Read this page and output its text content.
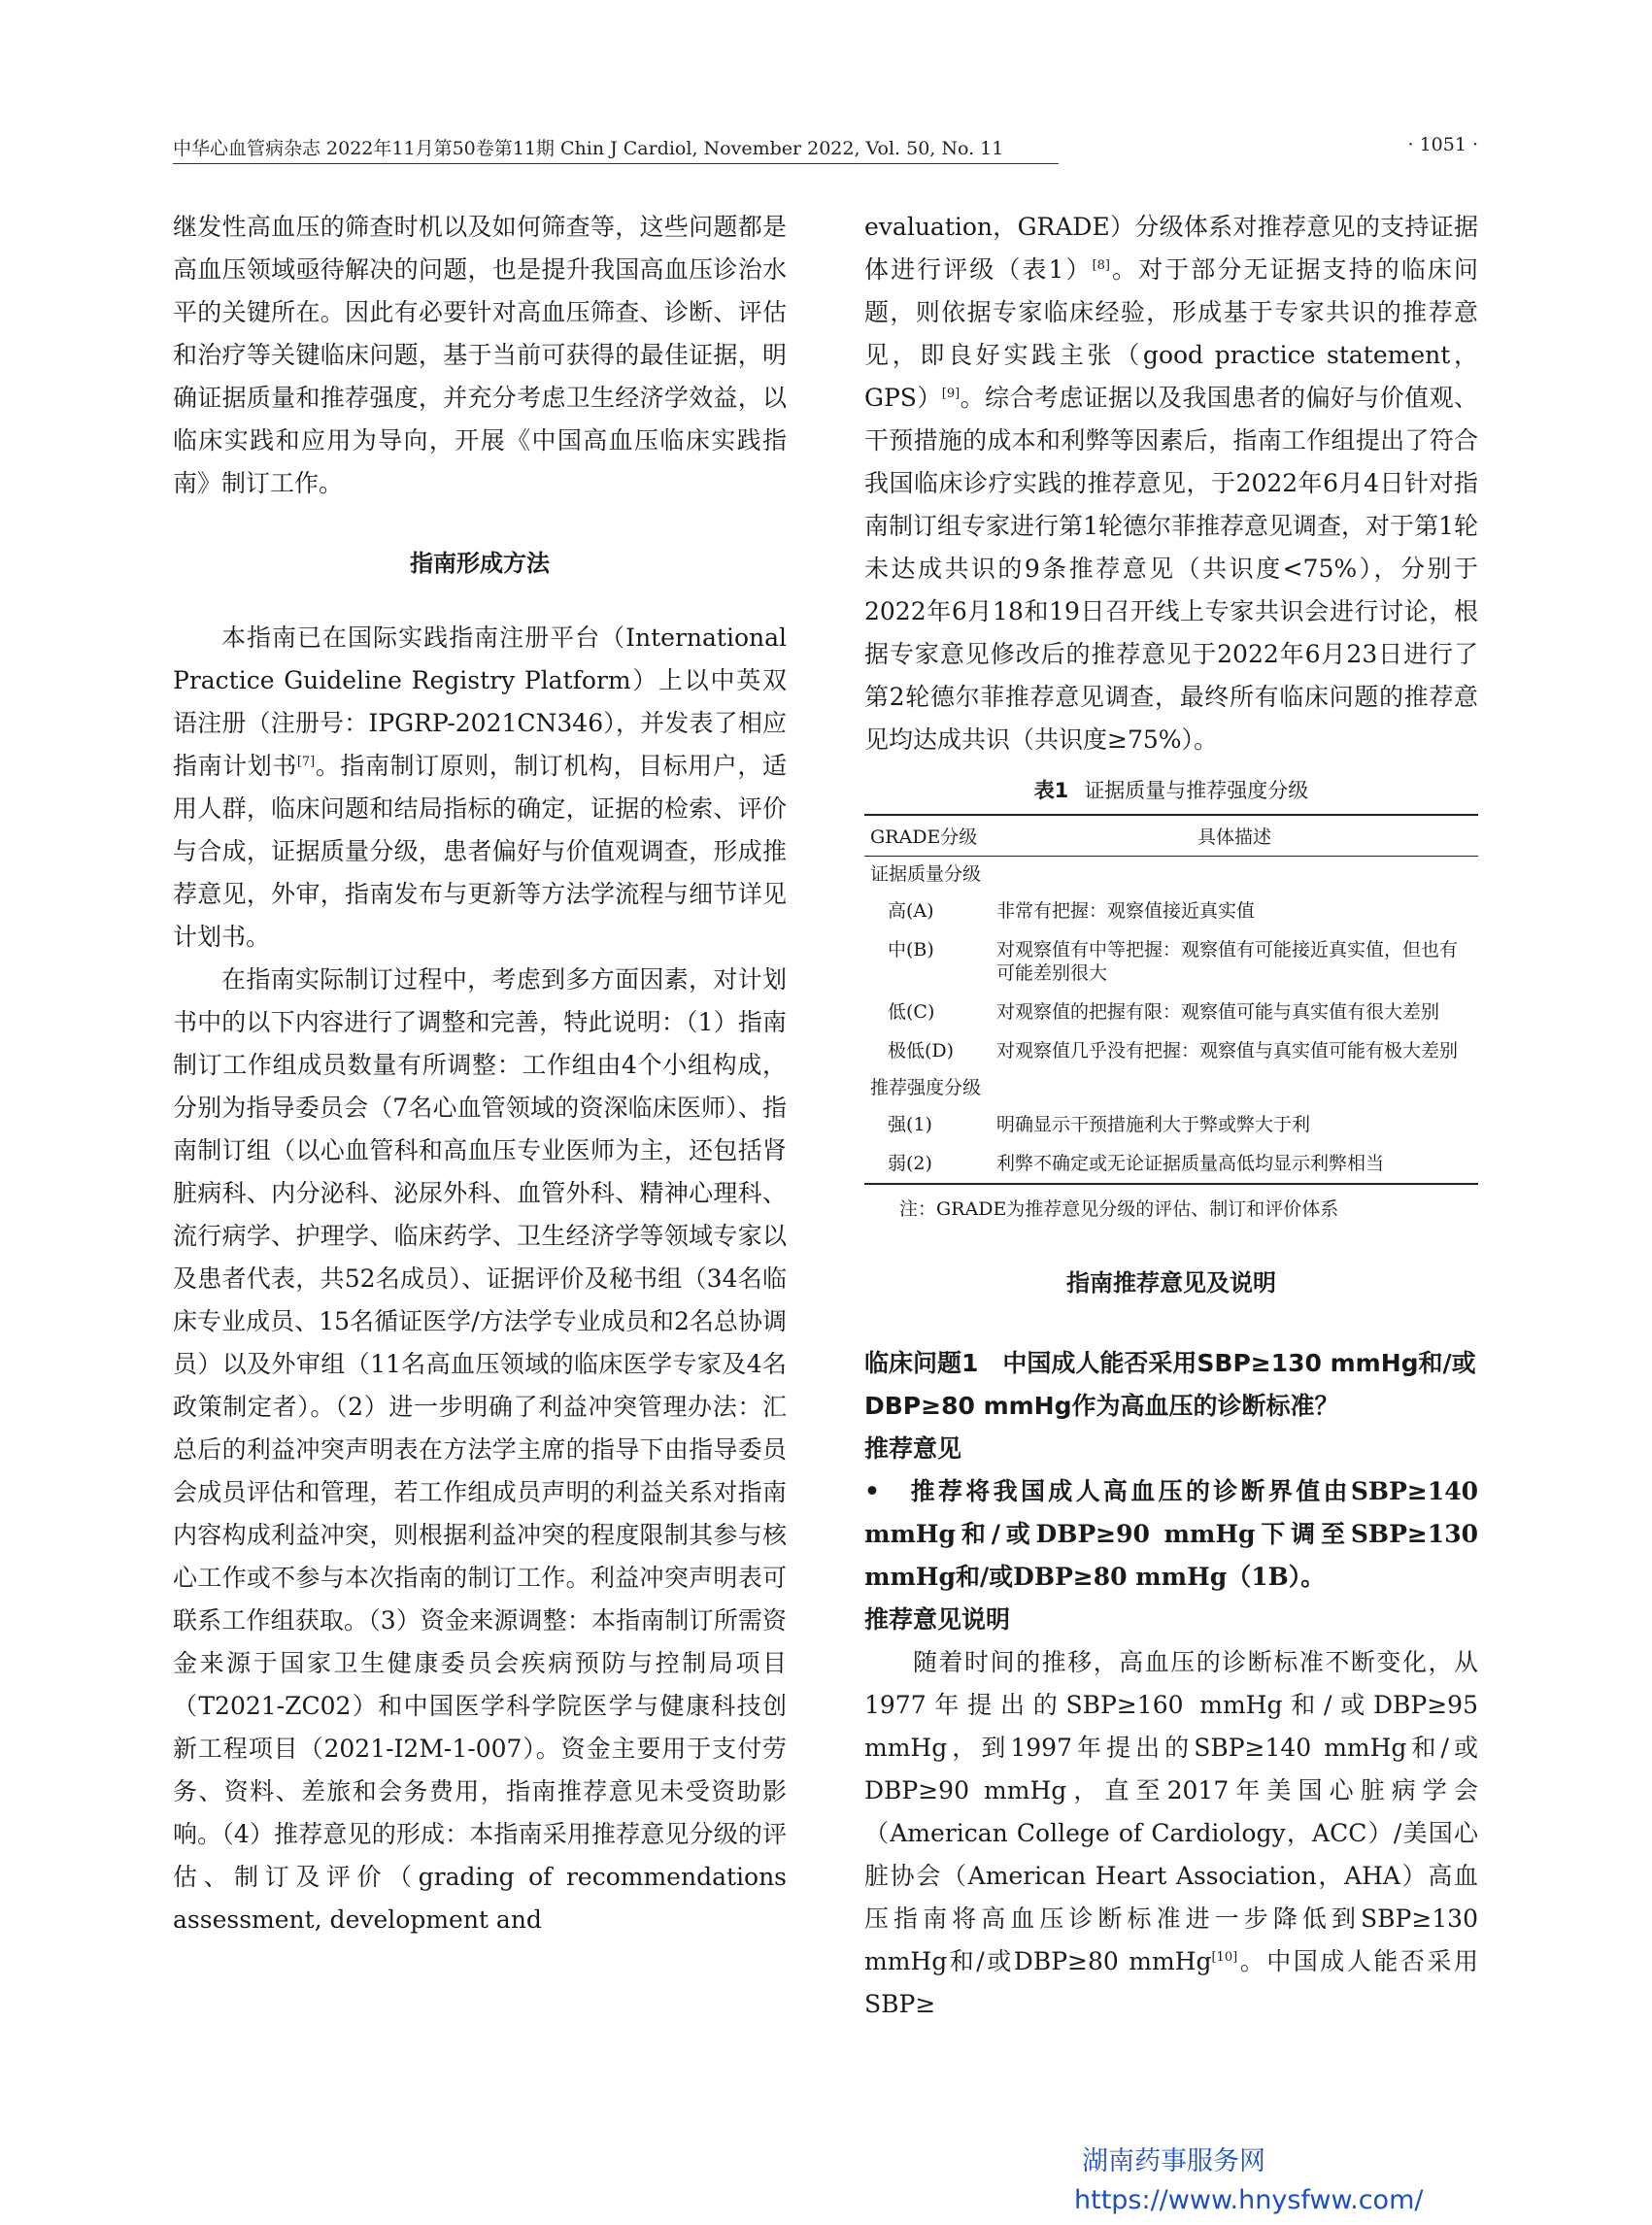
中华心血管病杂志 2022年11月第50卷第11期 Chin J Cardiol, November 2022, Vol. 50, No. 11	· 1051 ·

继发性高血压的筛查时机以及如何筛查等，这些问题都是高血压领域亟待解决的问题，也是提升我国高血压诊治水平的关键所在。因此有必要针对高血压筛查、诊断、评估和治疗等关键临床问题，基于当前可获得的最佳证据，明确证据质量和推荐强度，并充分考虑卫生经济学效益，以临床实践和应用为导向，开展《中国高血压临床实践指南》制订工作。

指南形成方法

本指南已在国际实践指南注册平台（International Practice Guideline Registry Platform）上以中英双语注册（注册号：IPGRP-2021CN346），并发表了相应指南计划书[7]。指南制订原则，制订机构，目标用户，适用人群，临床问题和结局指标的确定，证据的检索、评价与合成，证据质量分级，患者偏好与价值观调查，形成推荐意见，外审，指南发布与更新等方法学流程与细节详见计划书。

在指南实际制订过程中，考虑到多方面因素，对计划书中的以下内容进行了调整和完善，特此说明：（1）指南制订工作组成员数量有所调整：工作组由4个小组构成，分别为指导委员会（7名心血管领域的资深临床医师）、指南制订组（以心血管科和高血压专业医师为主，还包括肾脏病科、内分泌科、泌尿外科、血管外科、精神心理科、流行病学、护理学、临床药学、卫生经济学等领域专家以及患者代表，共52名成员）、证据评价及秘书组（34名临床专业成员、15名循证医学/方法学专业成员和2名总协调员）以及外审组（11名高血压领域的临床医学专家及4名政策制定者）。（2）进一步明确了利益冲突管理办法：汇总后的利益冲突声明表在方法学主席的指导下由指导委员会成员评估和管理，若工作组成员声明的利益关系对指南内容构成利益冲突，则根据利益冲突的程度限制其参与核心工作或不参与本次指南的制订工作。利益冲突声明表可联系工作组获取。（3）资金来源调整：本指南制订所需资金来源于国家卫生健康委员会疾病预防与控制局项目（T2021-ZC02）和中国医学科学院医学与健康科技创新工程项目（2021-I2M-1-007）。资金主要用于支付劳务、资料、差旅和会务费用，指南推荐意见未受资助影响。（4）推荐意见的形成：本指南采用推荐意见分级的评估、制订及评价（grading of recommendations assessment, development and

evaluation，GRADE）分级体系对推荐意见的支持证据体进行评级（表1）[8]。对于部分无证据支持的临床问题，则依据专家临床经验，形成基于专家共识的推荐意见，即良好实践主张（good practice statement，GPS）[9]。综合考虑证据以及我国患者的偏好与价值观、干预措施的成本和利弊等因素后，指南工作组提出了符合我国临床诊疗实践的推荐意见，于2022年6月4日针对指南制订组专家进行第1轮德尔菲推荐意见调查，对于第1轮未达成共识的9条推荐意见（共识度<75%），分别于2022年6月18和19日召开线上专家共识会进行讨论，根据专家意见修改后的推荐意见于2022年6月23日进行了第2轮德尔菲推荐意见调查，最终所有临床问题的推荐意见均达成共识（共识度≥75%）。

表1 证据质量与推荐强度分级

GRADE分级	具体描述
证据质量分级	
高(A)	非常有把握：观察值接近真实值
中(B)	对观察值有中等把握：观察值有可能接近真实值，但也有可能差别很大
低(C)	对观察值的把握有限：观察值可能与真实值有很大差别
极低(D)	对观察值几乎没有把握：观察值与真实值可能有极大差别
推荐强度分级	
强(1)	明确显示干预措施利大于弊或弊大于利
弱(2)	利弊不确定或无论证据质量高低均显示利弊相当

注：GRADE为推荐意见分级的评估、制订和评价体系

指南推荐意见及说明

临床问题1　中国成人能否采用SBP≥130 mmHg和/或DBP≥80 mmHg作为高血压的诊断标准？

推荐意见

•　推荐将我国成人高血压的诊断界值由SBP≥140 mmHg和/或DBP≥90 mmHg下调至SBP≥130 mmHg和/或DBP≥80 mmHg（1B）。

推荐意见说明

随着时间的推移，高血压的诊断标准不断变化，从1977年提出的SBP≥160 mmHg和/或DBP≥95 mmHg，到1997年提出的SBP≥140 mmHg和/或DBP≥90 mmHg，直至2017年美国心脏病学会（American College of Cardiology，ACC）/美国心脏协会（American Heart Association，AHA）高血压指南将高血压诊断标准进一步降低到SBP≥130 mmHg和/或DBP≥80 mmHg[10]。中国成人能否采用SBP≥

湖南药事服务网
https://www.hnysfww.com/
